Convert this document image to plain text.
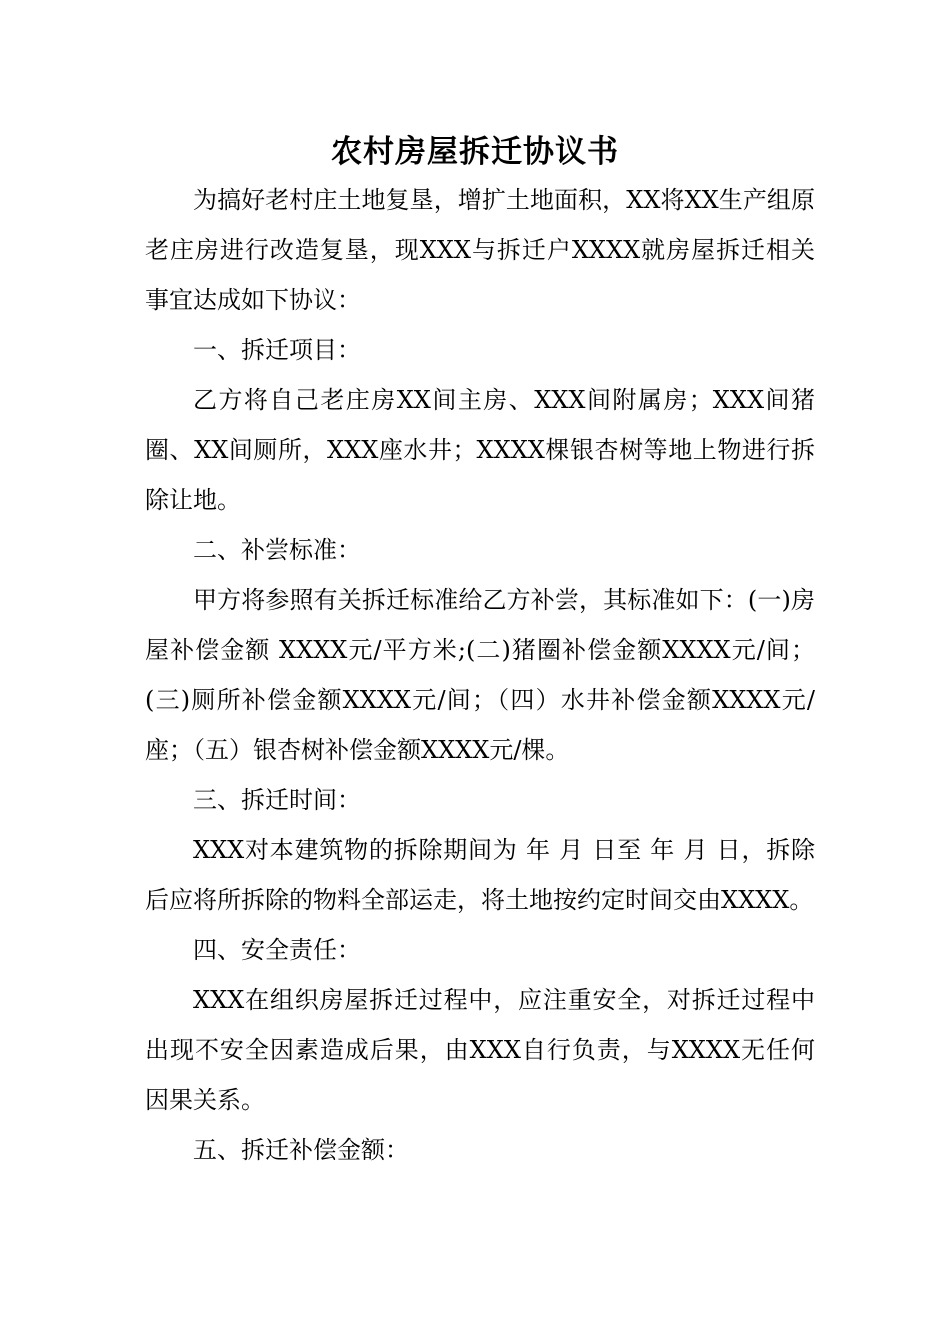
农村房屋拆迁协议书

为搞好老村庄土地复垦，增扩土地面积，XX将XX生产组原老庄房进行改造复垦，现XXX与拆迁户XXXX就房屋拆迁相关事宜达成如下协议：

一、拆迁项目：

乙方将自己老庄房XX间主房、XXX间附属房；XXX间猪圈、XX间厕所，XXX座水井；XXXX棵银杏树等地上物进行拆除让地。

二、补尝标准：

甲方将参照有关拆迁标准给乙方补尝，其标准如下：(一)房屋补偿金额 XXXX元/平方米;(二)猪圈补偿金额XXXX元/间；(三)厕所补偿金额XXXX元/间；（四）水井补偿金额XXXX元/座；（五）银杏树补偿金额XXXX元/棵。

三、拆迁时间：

XXX对本建筑物的拆除期间为 年 月 日至 年 月 日，拆除后应将所拆除的物料全部运走，将土地按约定时间交由XXXX。

四、安全责任：

XXX在组织房屋拆迁过程中，应注重安全，对拆迁过程中出现不安全因素造成后果，由XXX自行负责，与XXXX无任何因果关系。

五、拆迁补偿金额：
